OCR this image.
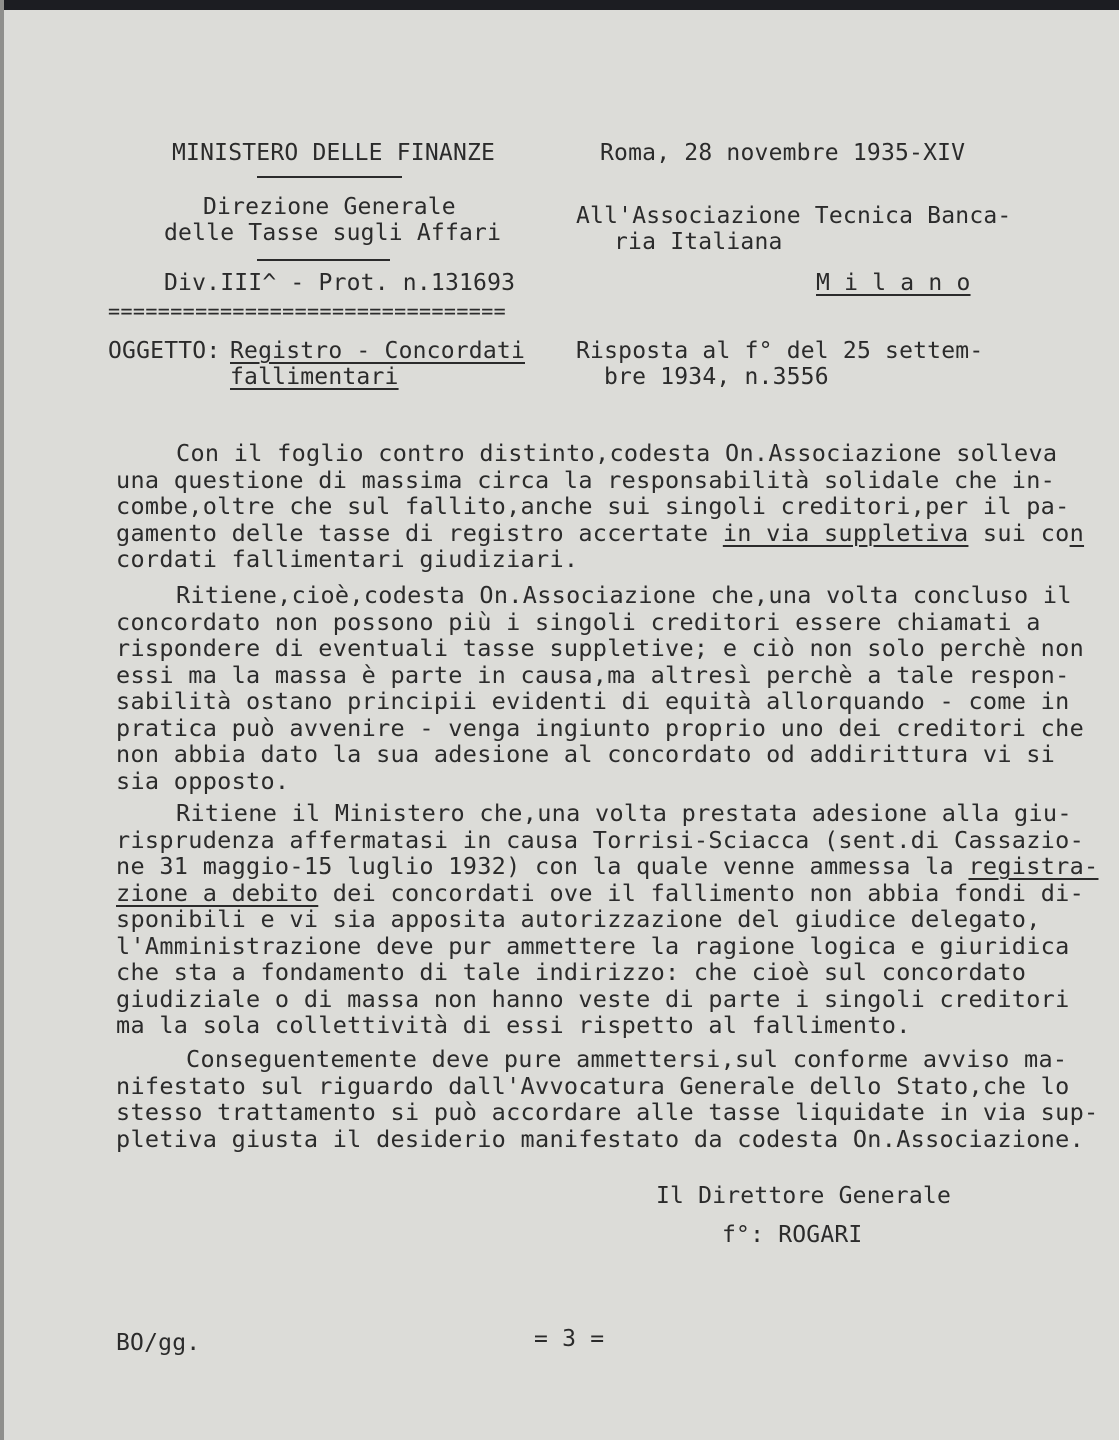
MINISTERO DELLE FINANZE
Direzione Generale
delle Tasse sugli Affari
Div.III^ - Prot. n.131693
================================
OGGETTO: Registro - Concordati
fallimentari
Roma, 28 novembre 1935-XIV
All'Associazione Tecnica Banca-
ria Italiana
M i l a n o
Risposta al f° del 25 settem-
bre 1934, n.3556
Con il foglio contro distinto,codesta On.Associazione solleva
una questione di massima circa la responsabilità solidale che in-
combe,oltre che sul fallito,anche sui singoli creditori,per il pa-
gamento delle tasse di registro accertate in via suppletiva sui con
cordati fallimentari giudiziari.
Ritiene,cioè,codesta On.Associazione che,una volta concluso il
concordato non possono più i singoli creditori essere chiamati a
rispondere di eventuali tasse suppletive; e ciò non solo perchè non
essi ma la massa è parte in causa,ma altresì perchè a tale respon-
sabilità ostano principii evidenti di equità allorquando - come in
pratica può avvenire - venga ingiunto proprio uno dei creditori che
non abbia dato la sua adesione al concordato od addirittura vi si
sia opposto.
Ritiene il Ministero che,una volta prestata adesione alla giu-
risprudenza affermatasi in causa Torrisi-Sciacca (sent.di Cassazio-
ne 31 maggio-15 luglio 1932) con la quale venne ammessa la registra-
zione a debito dei concordati ove il fallimento non abbia fondi di-
sponibili e vi sia apposita autorizzazione del giudice delegato,
l'Amministrazione deve pur ammettere la ragione logica e giuridica
che sta a fondamento di tale indirizzo: che cioè sul concordato
giudiziale o di massa non hanno veste di parte i singoli creditori
ma la sola collettività di essi rispetto al fallimento.
Conseguentemente deve pure ammettersi,sul conforme avviso ma-
nifestato sul riguardo dall'Avvocatura Generale dello Stato,che lo
stesso trattamento si può accordare alle tasse liquidate in via sup-
pletiva giusta il desiderio manifestato da codesta On.Associazione.
Il Direttore Generale
f°: ROGARI
BO/gg.	= 3 =
